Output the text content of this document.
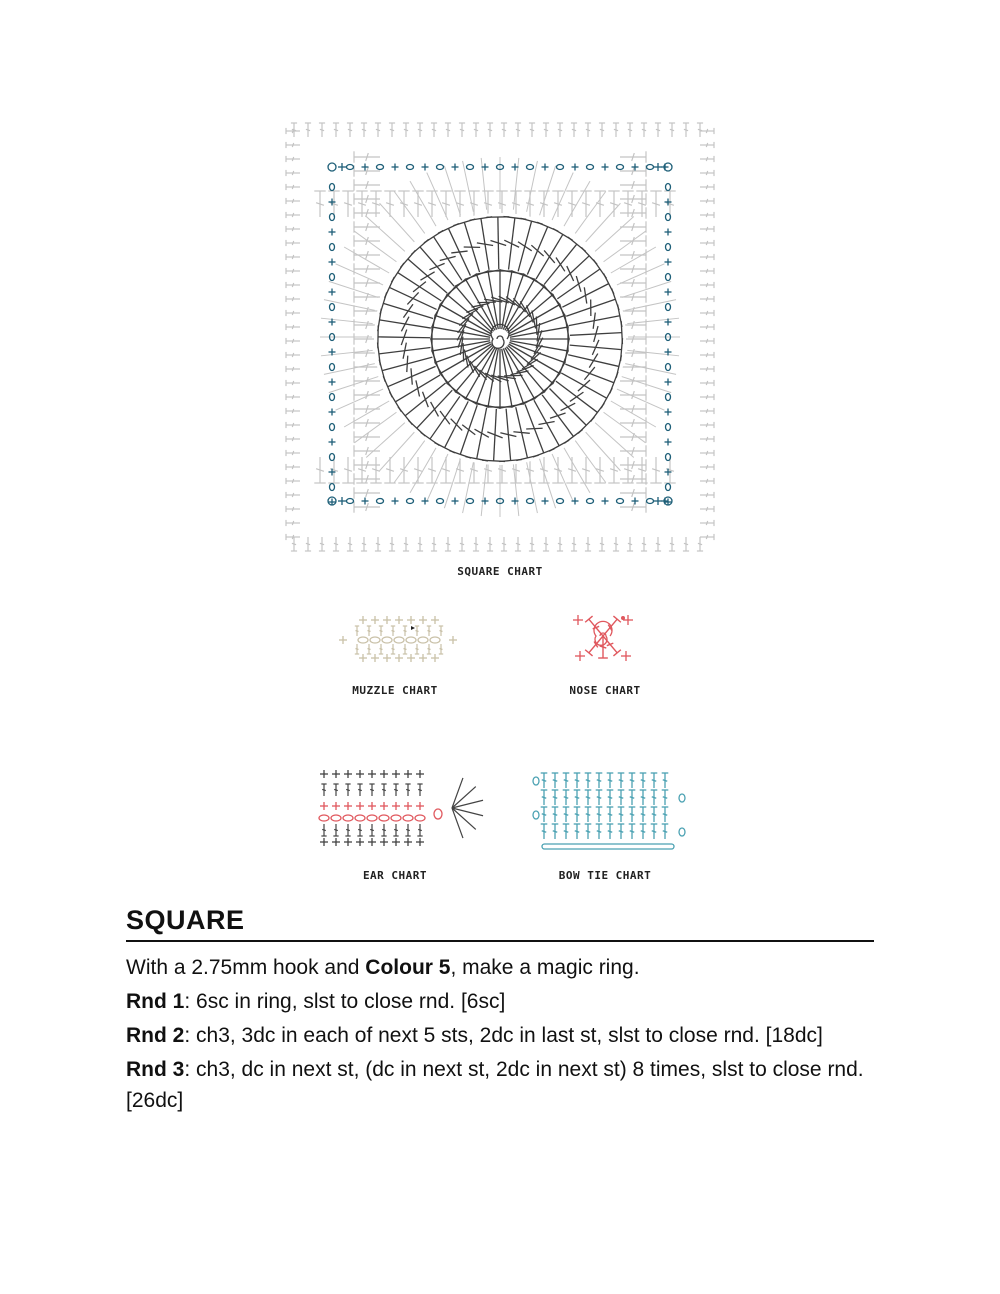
SQUARE CHART
MUZZLE CHART	NOSE CHART
EAR CHART	BOW TIE CHART
SQUARE

With a 2.75mm hook and Colour 5, make a magic ring.

Rnd 1: 6sc in ring, slst to close rnd. [6sc]

Rnd 2: ch3, 3dc in each of next 5 sts, 2dc in last st, slst to close rnd. [18dc]

Rnd 3: ch3, dc in next st, (dc in next st, 2dc in next st) 8 times, slst to close rnd. [26dc]
